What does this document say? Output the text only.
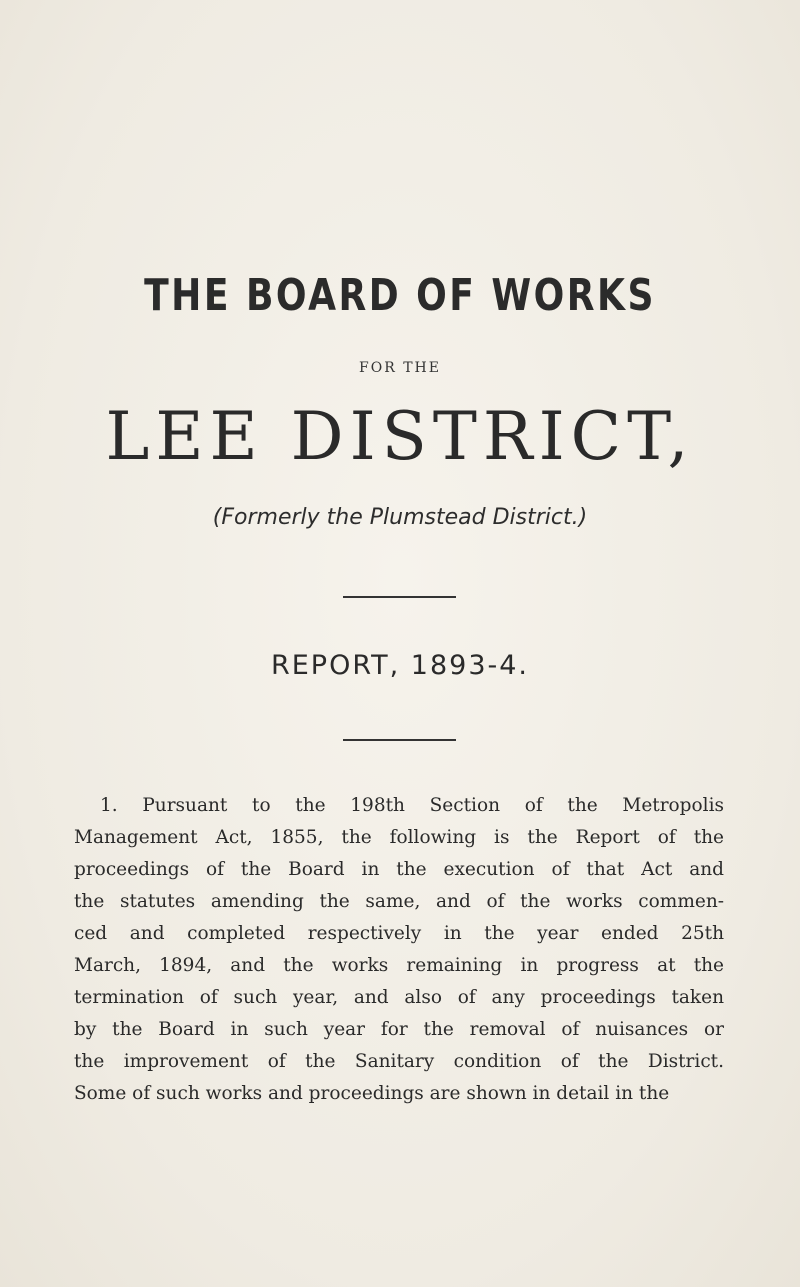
THE BOARD OF WORKS
FOR THE
LEE DISTRICT,
(Formerly the Plumstead District.)
REPORT, 1893-4.
1. Pursuant to the 198th Section of the Metropolis
Management Act, 1855, the following is the Report of the
proceedings of the Board in the execution of that Act and
the statutes amending the same, and of the works commen-
ced and completed respectively in the year ended 25th
March, 1894, and the works remaining in progress at the
termination of such year, and also of any proceedings taken
by the Board in such year for the removal of nuisances or
the improvement of the Sanitary condition of the District.
Some of such works and proceedings are shown in detail in the
